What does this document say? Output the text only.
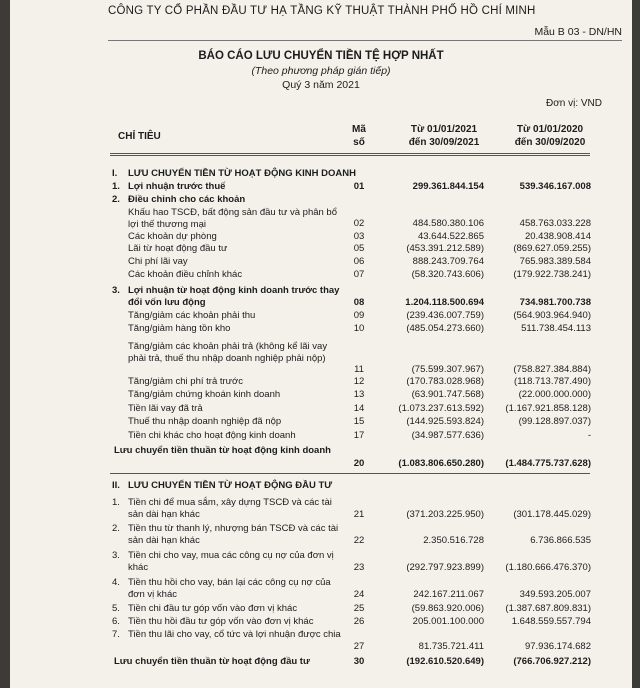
CÔNG TY CỔ PHẦN ĐẦU TƯ HẠ TẦNG KỸ THUẬT THÀNH PHỐ HỒ CHÍ MINH
Mẫu B 03 - DN/HN
BÁO CÁO LƯU CHUYỂN TIỀN TỆ HỢP NHẤT
(Theo phương pháp gián tiếp)
Quý 3 năm 2021
Đơn vị: VND
CHỈ TIÊU
Mã
số
Từ 01/01/2021
đến 30/09/2021
Từ 01/01/2020
đến 30/09/2020
I.	LƯU CHUYỂN TIỀN TỪ HOẠT ĐỘNG KINH DOANH
1. Lợi nhuận trước thuế	01	299.361.844.154	539.346.167.008
2. Điều chỉnh cho các khoản
Khấu hao TSCĐ, bất động sản đầu tư và phân bổ lợi thế thương mại	02	484.580.380.106	458.763.033.228
Các khoản dự phòng	03	43.644.522.865	20.438.908.414
Lãi từ hoạt động đầu tư	05	(453.391.212.589)	(869.627.059.255)
Chi phí lãi vay	06	888.243.709.764	765.983.389.584
Các khoản điều chỉnh khác	07	(58.320.743.606)	(179.922.738.241)
3. Lợi nhuận từ hoạt động kinh doanh trước thay đổi vốn lưu động	08	1.204.118.500.694	734.981.700.738
Tăng/giảm các khoản phải thu	09	(239.436.007.759)	(564.903.964.940)
Tăng/giảm hàng tồn kho	10	(485.054.273.660)	511.738.454.113
Tăng/giảm các khoản phải trả (không kể lãi vay phải trả, thuế thu nhập doanh nghiệp phải nộp)
11	(75.599.307.967)	(758.827.384.884)
Tăng/giảm chi phí trả trước	12	(170.783.028.968)	(118.713.787.490)
Tăng/giảm chứng khoán kinh doanh	13	(63.901.747.568)	(22.000.000.000)
Tiền lãi vay đã trả	14	(1.073.237.613.592)	(1.167.921.858.128)
Thuế thu nhập doanh nghiệp đã nộp	15	(144.925.593.824)	(99.128.897.037)
Tiền chi khác cho hoạt động kinh doanh	17	(34.987.577.636)	-
Lưu chuyển tiền thuần từ hoạt động kinh doanh
20	(1.083.806.650.280)	(1.484.775.737.628)
II. LƯU CHUYỂN TIỀN TỪ HOẠT ĐỘNG ĐẦU TƯ
1. Tiền chi để mua sắm, xây dựng TSCĐ và các tài sản dài hạn khác	21	(371.203.225.950)	(301.178.445.029)
2. Tiền thu từ thanh lý, nhượng bán TSCĐ và các tài sản dài hạn khác	22	2.350.516.728	6.736.866.535
3. Tiền chi cho vay, mua các công cụ nợ của đơn vị khác	23	(292.797.923.899)	(1.180.666.476.370)
4. Tiền thu hồi cho vay, bán lại các công cụ nợ của đơn vị khác	24	242.167.211.067	349.593.205.007
5. Tiền chi đầu tư góp vốn vào đơn vị khác	25	(59.863.920.006)	(1.387.687.809.831)
6. Tiền thu hồi đầu tư góp vốn vào đơn vị khác	26	205.001.100.000	1.648.559.557.794
7. Tiền thu lãi cho vay, cổ tức và lợi nhuận được chia
27	81.735.721.411	97.936.174.682
Lưu chuyển tiền thuần từ hoạt động đầu tư	30	(192.610.520.649)	(766.706.927.212)
